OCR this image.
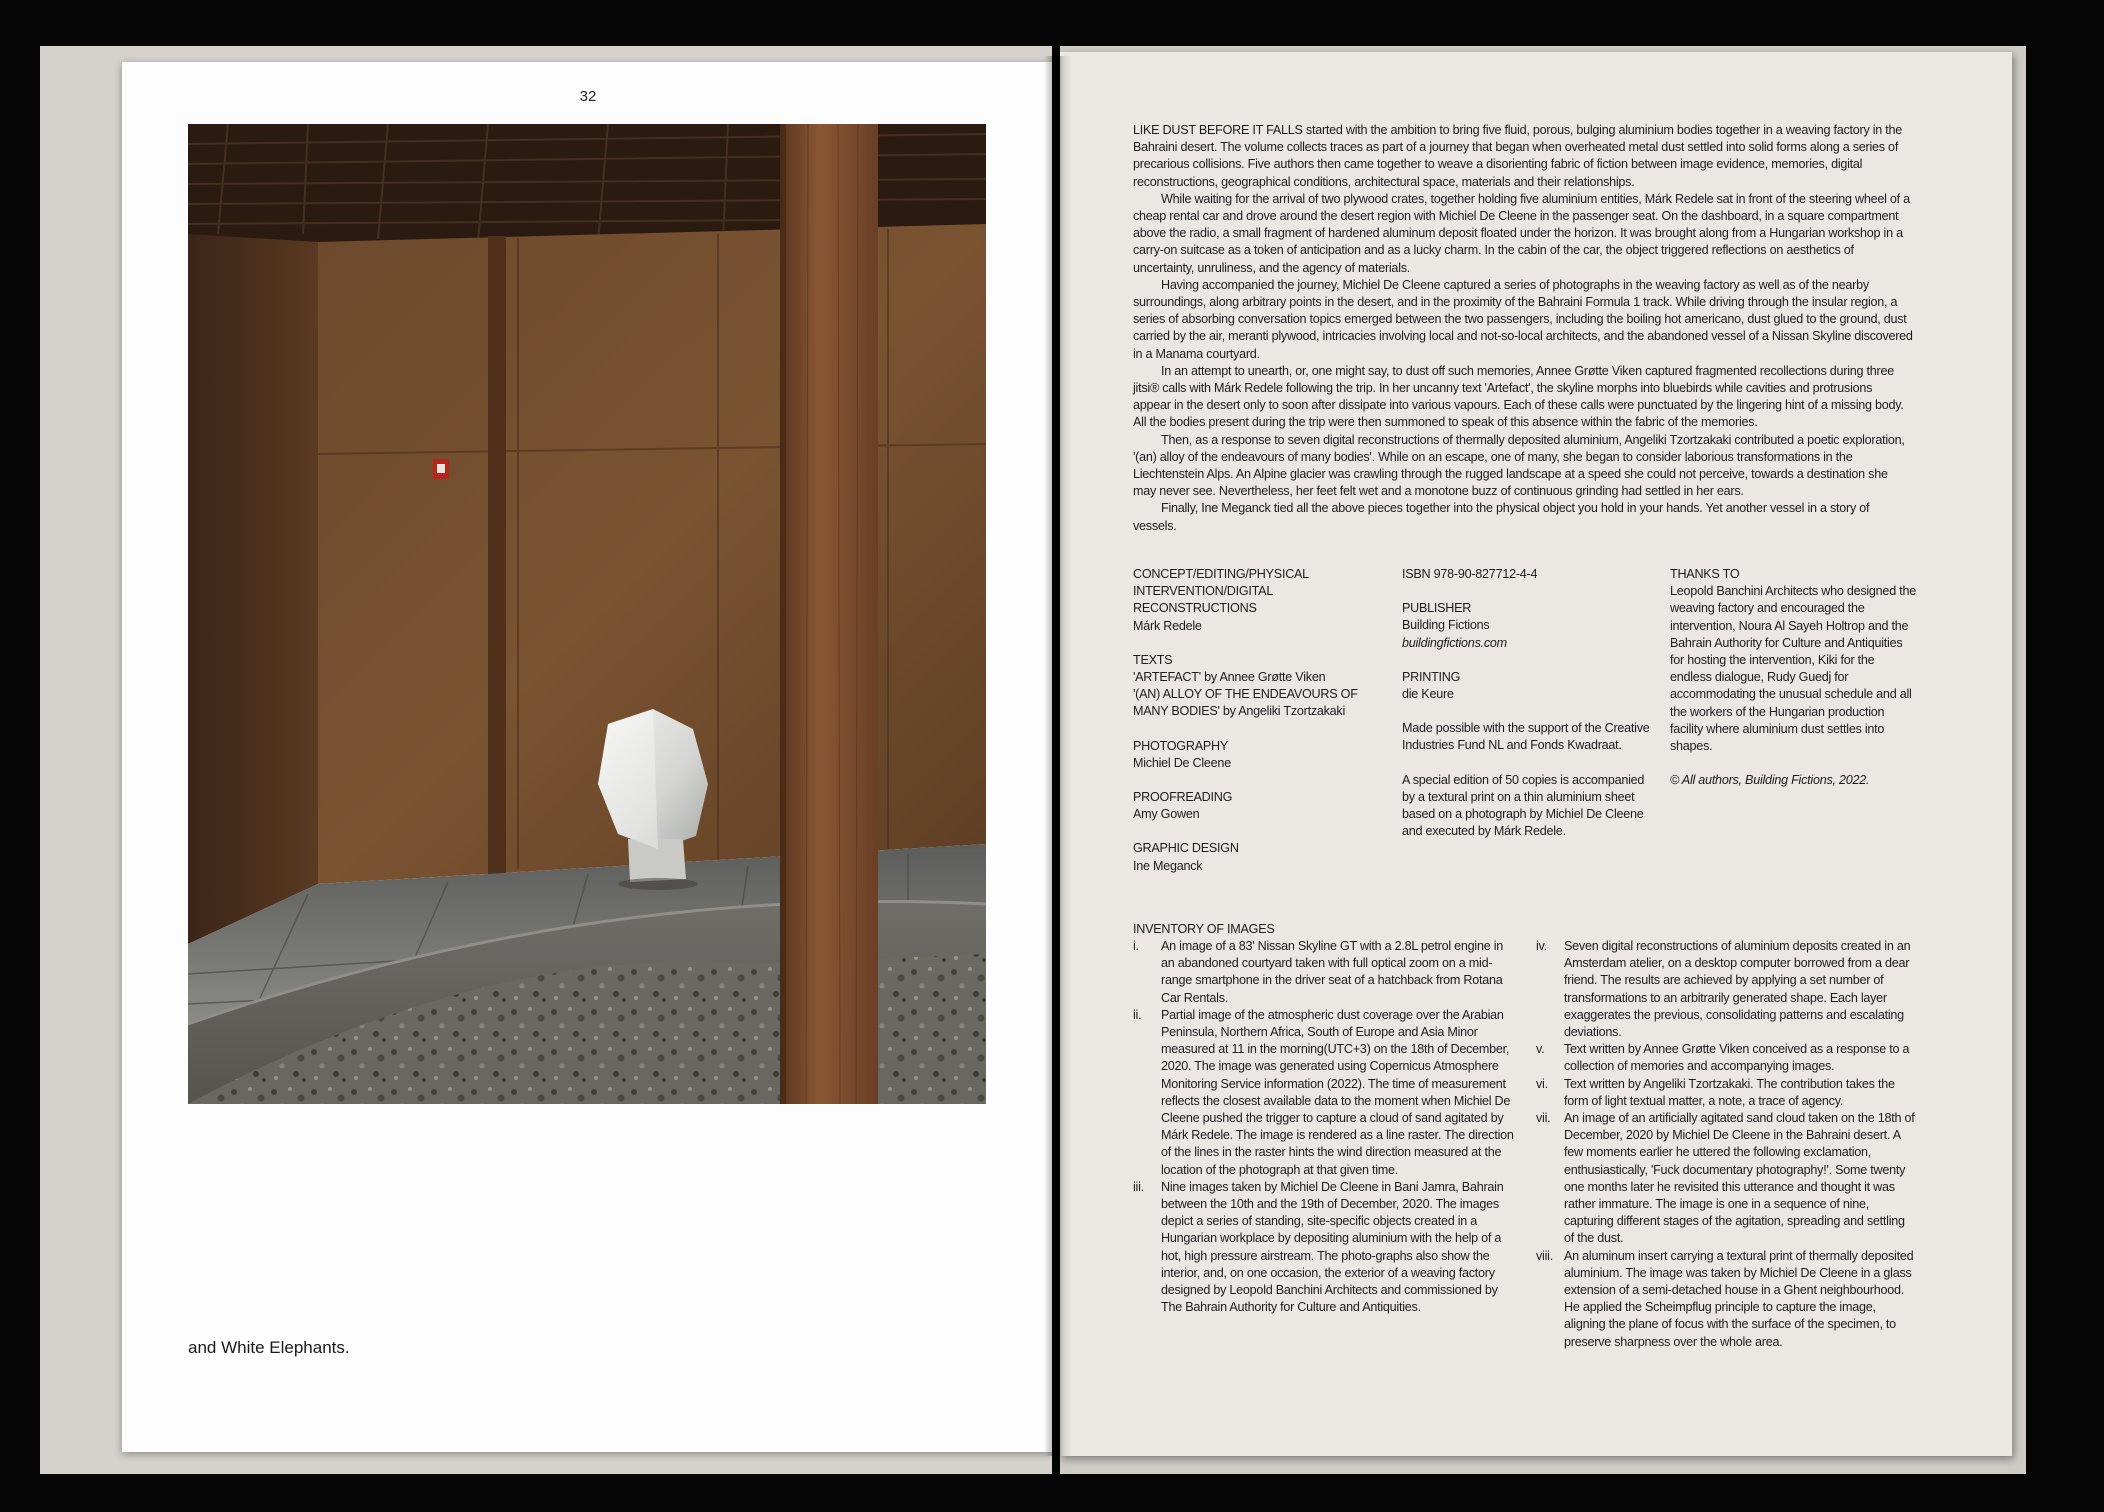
32
and White Elephants.

LIKE DUST BEFORE IT FALLS started with the ambition to bring five fluid, porous, bulging aluminium bodies together in a weaving factory in the Bahraini desert. The volume collects traces as part of a journey that began when overheated metal dust settled into solid forms along a series of precarious collisions. Five authors then came together to weave a disorienting fabric of fiction between image evidence, memories, digital reconstructions, geographical conditions, architectural space, materials and their relationships.

While waiting for the arrival of two plywood crates, together holding five aluminium entities, Márk Redele sat in front of the steering wheel of a cheap rental car and drove around the desert region with Michiel De Cleene in the passenger seat. On the dashboard, in a square compartment above the radio, a small fragment of hardened aluminum deposit floated under the horizon. It was brought along from a Hungarian workshop in a carry-on suitcase as a token of anticipation and as a lucky charm. In the cabin of the car, the object triggered reflections on aesthetics of uncertainty, unruliness, and the agency of materials.

Having accompanied the journey, Michiel De Cleene captured a series of photographs in the weaving factory as well as of the nearby surroundings, along arbitrary points in the desert, and in the proximity of the Bahraini Formula 1 track. While driving through the insular region, a series of absorbing conversation topics emerged between the two passengers, including the boiling hot americano, dust glued to the ground, dust carried by the air, meranti plywood, intricacies involving local and not-so-local architects, and the abandoned vessel of a Nissan Skyline discovered in a Manama courtyard.

In an attempt to unearth, or, one might say, to dust off such memories, Annee Grøtte Viken captured fragmented recollections during three jitsi® calls with Márk Redele following the trip. In her uncanny text 'Artefact', the skyline morphs into bluebirds while cavities and protrusions appear in the desert only to soon after dissipate into various vapours. Each of these calls were punctuated by the lingering hint of a missing body. All the bodies present during the trip were then summoned to speak of this absence within the fabric of the memories.

Then, as a response to seven digital reconstructions of thermally deposited aluminium, Angeliki Tzortzakaki contributed a poetic exploration, '(an) alloy of the endeavours of many bodies'. While on an escape, one of many, she began to consider laborious transformations in the Liechtenstein Alps. An Alpine glacier was crawling through the rugged landscape at a speed she could not perceive, towards a destination she may never see. Nevertheless, her feet felt wet and a monotone buzz of continuous grinding had settled in her ears.

Finally, Ine Meganck tied all the above pieces together into the physical object you hold in your hands. Yet another vessel in a story of vessels.

CONCEPT/EDITING/PHYSICAL INTERVENTION/DIGITAL RECONSTRUCTIONS
Márk Redele

TEXTS
'ARTEFACT' by Annee Grøtte Viken
'(AN) ALLOY OF THE ENDEAVOURS OF MANY BODIES' by Angeliki Tzortzakaki

PHOTOGRAPHY
Michiel De Cleene

PROOFREADING
Amy Gowen

GRAPHIC DESIGN
Ine Meganck

ISBN 978-90-827712-4-4

PUBLISHER
Building Fictions
buildingfictions.com

PRINTING
die Keure

Made possible with the support of the Creative Industries Fund NL and Fonds Kwadraat.

A special edition of 50 copies is accompanied by a textural print on a thin aluminium sheet based on a photograph by Michiel De Cleene and executed by Márk Redele.

THANKS TO
Leopold Banchini Architects who designed the weaving factory and encouraged the intervention, Noura Al Sayeh Holtrop and the Bahrain Authority for Culture and Antiquities for hosting the intervention, Kiki for the endless dialogue, Rudy Guedj for accommodating the unusual schedule and all the workers of the Hungarian production facility where aluminium dust settles into shapes.

© All authors, Building Fictions, 2022.

INVENTORY OF IMAGES
i. An image of a 83' Nissan Skyline GT with a 2.8L petrol engine in an abandoned courtyard taken with full optical zoom on a mid-range smartphone in the driver seat of a hatchback from Rotana Car Rentals.
ii. Partial image of the atmospheric dust coverage over the Arabian Peninsula, Northern Africa, South of Europe and Asia Minor measured at 11 in the morning(UTC+3) on the 18th of December, 2020. The image was generated using Copernicus Atmosphere Monitoring Service information (2022). The time of measurement reflects the closest available data to the moment when Michiel De Cleene pushed the trigger to capture a cloud of sand agitated by Márk Redele. The image is rendered as a line raster. The direction of the lines in the raster hints the wind direction measured at the location of the photograph at that given time.
iii. Nine images taken by Michiel De Cleene in Bani Jamra, Bahrain between the 10th and the 19th of December, 2020. The images depict a series of standing, site-specific objects created in a Hungarian workplace by depositing aluminium with the help of a hot, high pressure airstream. The photo-graphs also show the interior, and, on one occasion, the exterior of a weaving factory designed by Leopold Banchini Architects and commissioned by The Bahrain Authority for Culture and Antiquities.
iv. Seven digital reconstructions of aluminium deposits created in an Amsterdam atelier, on a desktop computer borrowed from a dear friend. The results are achieved by applying a set number of transformations to an arbitrarily generated shape. Each layer exaggerates the previous, consolidating patterns and escalating deviations.
v. Text written by Annee Grøtte Viken conceived as a response to a collection of memories and accompanying images.
vi. Text written by Angeliki Tzortzakaki. The contribution takes the form of light textual matter, a note, a trace of agency.
vii. An image of an artificially agitated sand cloud taken on the 18th of December, 2020 by Michiel De Cleene in the Bahraini desert. A few moments earlier he uttered the following exclamation, enthusiastically, 'Fuck documentary photography!'. Some twenty one months later he revisited this utterance and thought it was rather immature. The image is one in a sequence of nine, capturing different stages of the agitation, spreading and settling of the dust.
viii. An aluminum insert carrying a textural print of thermally deposited aluminium. The image was taken by Michiel De Cleene in a glass extension of a semi-detached house in a Ghent neighbourhood. He applied the Scheimpflug principle to capture the image, aligning the plane of focus with the surface of the specimen, to preserve sharpness over the whole area.
